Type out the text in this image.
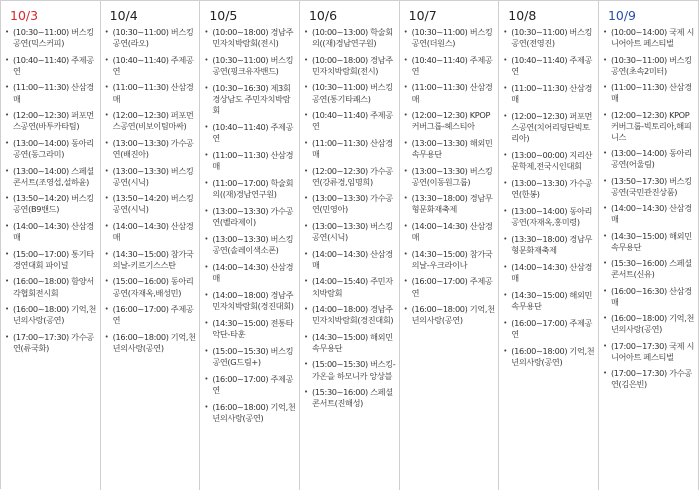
10/3
• (10:30~11:00) 버스킹공연(믹스커피)
• (10:40~11:40) 주제공연
• (11:00~11:30) 산삼경매
• (12:00~12:30) 퍼포먼스공연(바투카타팀)
• (13:00~14:00) 동아리공연(동그라미)
• (13:00~14:00) 스페셜콘서트(조영섭,설하윤)
• (13:50~14:20) 버스킹공연(B9밴드)
• (14:00~14:30) 산삼경매
• (15:00~17:00) 통기타경연대회 파이널
• (16:00~18:00) 함양서각협회전시회
• (16:00~18:00) 기억,천년의사랑(공연)
• (17:00~17:30) 가수공연(류국화)
10/4
• (10:30~11:00) 버스킹공연(라오)
• (10:40~11:40) 주제공연
• (11:00~11:30) 산삼경매
• (12:00~12:30) 퍼포먼스공연(비보이팀마싸)
• (13:00~13:30) 가수공연(배진아)
• (13:00~13:30) 버스킹공연(시닉)
• (13:50~14:20) 버스킹공연(시닉)
• (14:00~14:30) 산삼경매
• (14:30~15:00) 참가국의날-키르기스스탄
• (15:00~16:00) 동아리공연(자재옥,배성민)
• (16:00~17:00) 주제공연
• (16:00~18:00) 기억,천년의사랑(공연)
10/5
• (10:00~18:00) 경남주민자치박람회(전시)
• (10:30~11:00) 버스킹공연(핑크유자밴드)
• (10:30~16:30) 제3회 경상남도 주민자치박람회
• (10:40~11:40) 주제공연
• (11:00~11:30) 산삼경매
• (11:00~17:00) 학술회의((재)경남연구원)
• (13:00~13:30) 가수공연(벨라제이)
• (13:00~13:30) 버스킹공연(솔레이색소폰)
• (14:00~14:30) 산삼경매
• (14:00~18:00) 경남주민자치박람회(경진대회)
• (14:30~15:00) 전통타악단-타훈
• (15:00~15:30) 버스킹공연(G드림+)
• (16:00~17:00) 주제공연
• (16:00~18:00) 기억,천년의사랑(공연)
10/6
• (10:00~13:00) 학술회의((재)경남연구원)
• (10:00~18:00) 경남주민자치박람회(전시)
• (10:30~11:00) 버스킹공연(통기타쾌스)
• (10:40~11:40) 주제공연
• (11:00~11:30) 산삼경매
• (12:00~12:30) 가수공연(강류경,임명희)
• (13:00~13:30) 가수공연(민영아)
• (13:00~13:30) 버스킹공연(시닉)
• (14:00~14:30) 산삼경매
• (14:00~15:40) 주민자치박람회
• (14:00~18:00) 경남주민자치박람회(경진대회)
• (14:30~15:00) 해외민속무용단
• (15:00~15:30) 버스킹-가온을 하모니카 앙상블
• (15:30~16:00) 스페셜콘서트(진해성)
10/7
• (10:30~11:00) 버스킹공연(더원스)
• (10:40~11:40) 주제공연
• (11:00~11:30) 산삼경매
• (12:00~12:30) KPOP커버그룹-헤스티아
• (13:00~13:30) 해외민속무용단
• (13:00~13:30) 버스킹공연(이동원그룹)
• (13:30~18:00) 경남무형문화재축제
• (14:00~14:30) 산삼경매
• (14:30~15:00) 참가국의날-우크라이나
• (16:00~17:00) 주제공연
• (16:00~18:00) 기억,천년의사랑(공연)
10/8
• (10:30~11:00) 버스킹공연(전영진)
• (10:40~11:40) 주제공연
• (11:00~11:30) 산삼경매
• (12:00~12:30) 퍼포먼스공연(치어리딩단빅토리아)
• (13:00~00:00) 지리산문학제,전국시인대회
• (13:00~13:30) 가수공연(한봉)
• (13:00~14:00) 동아리공연(자재옥,홍미령)
• (13:30~18:00) 경남무형문화재축제
• (14:00~14:30) 산삼경매
• (14:30~15:00) 해외민속무용단
• (16:00~17:00) 주제공연
• (16:00~18:00) 기억,천년의사랑(공연)
10/9
• (10:00~14:00) 국제 시니어아트 페스티벌
• (10:30~11:00) 버스킹공연(초속2미터)
• (11:00~11:30) 산삼경매
• (12:00~12:30) KPOP커버그룹-빅토리아,해피니스
• (13:00~14:00) 동아리공연(어울림)
• (13:50~17:30) 버스킹공연(국민관진상품)
• (14:00~14:30) 산삼경매
• (14:30~15:00) 해외민속무용단
• (15:30~16:00) 스페셜콘서트(신유)
• (16:00~16:30) 산삼경매
• (16:00~18:00) 기억,천년의사랑(공연)
• (17:00~17:30) 국제 시니어아트 페스티벌
• (17:00~17:30) 가수공연(김은빈)
